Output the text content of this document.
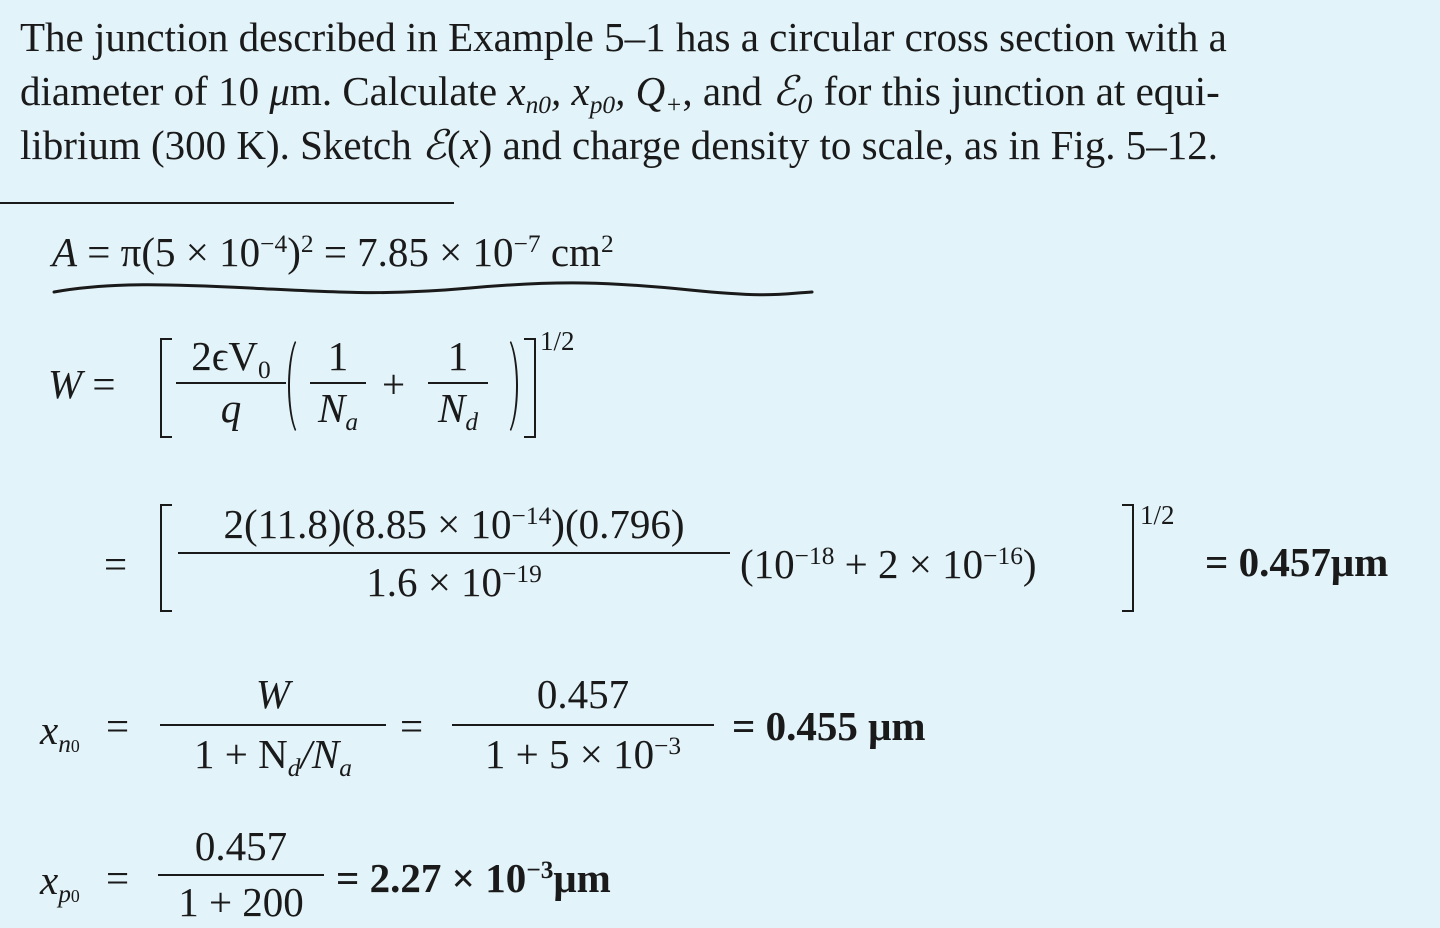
The junction described in Example 5–1 has a circular cross section with a
diameter of 10 μm. Calculate $x_{n0}$, $x_{p0}$, $Q_+$, and ℰ$_0$ for this junction at equi-
librium (300 K). Sketch ℰ(x) and charge density to scale, as in Fig. 5–12.
$A = \pi(5 \times 10^{-4})^2 = 7.85 \times 10^{-7}$ $cm^2$
W =
$2\epsilon V_0$
q
1
$N_a$
+
1
$N_d$
1/2
=
$2(11.8)(8.85 \times 10^{-14})(0.796)$
$1.6 \times 10^{-19}$	$(10^{-18} + 2 \times 10^{-16})$
1/2
= 0.457μm
$x_{n0}$ =
W
$1 + N_d/N_a$
=
0.457
$1 + 5 \times 10^{-3}$	= 0.455 μm
$x_{p0}$ =
0.457
1 + 200
= $2.27 \times 10^{-3}\mu m$
